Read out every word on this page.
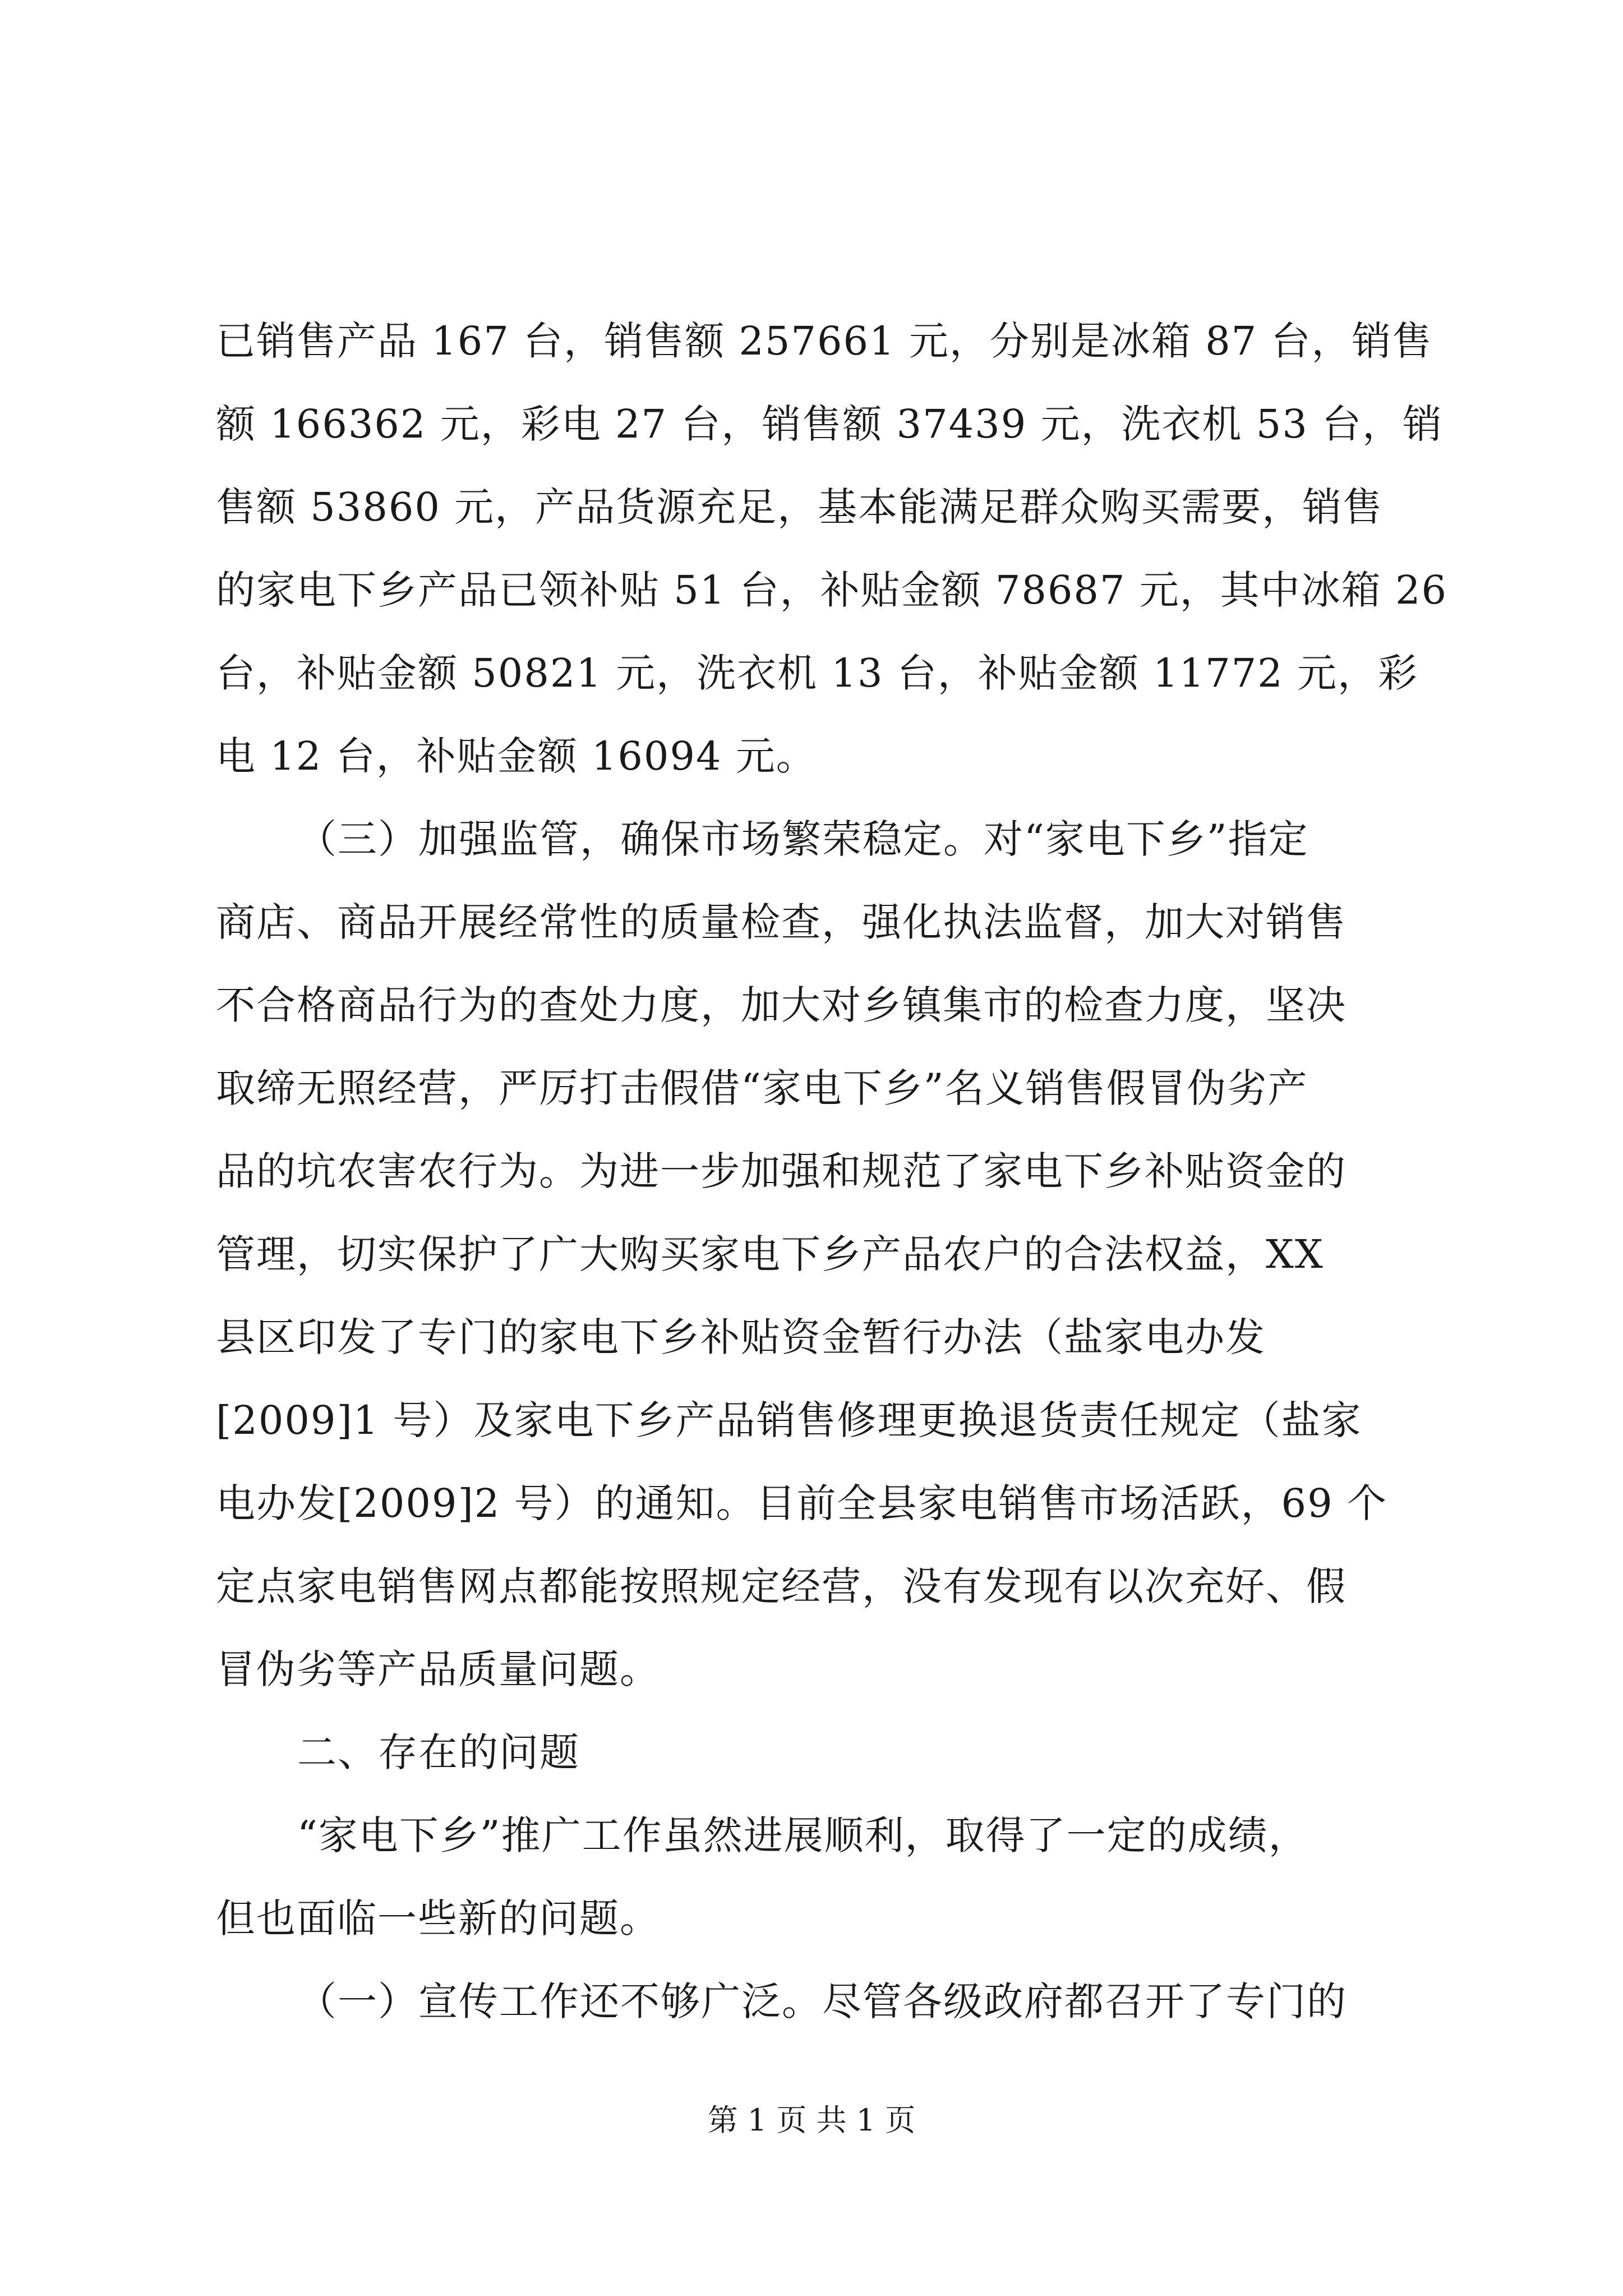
已销售产品 167 台，销售额 257661 元，分别是冰箱 87 台，销售
额 166362 元，彩电 27 台，销售额 37439 元，洗衣机 53 台，销
售额 53860 元，产品货源充足，基本能满足群众购买需要，销售
的家电下乡产品已领补贴 51 台，补贴金额 78687 元，其中冰箱 26
台，补贴金额 50821 元，洗衣机 13 台，补贴金额 11772 元，彩
电 12 台，补贴金额 16094 元。
（三）加强监管，确保市场繁荣稳定。对“家电下乡”指定
商店、商品开展经常性的质量检查，强化执法监督，加大对销售
不合格商品行为的查处力度，加大对乡镇集市的检查力度，坚决
取缔无照经营，严厉打击假借“家电下乡”名义销售假冒伪劣产
品的坑农害农行为。为进一步加强和规范了家电下乡补贴资金的
管理，切实保护了广大购买家电下乡产品农户的合法权益，XX
县区印发了专门的家电下乡补贴资金暂行办法（盐家电办发
[2009]1 号）及家电下乡产品销售修理更换退货责任规定（盐家
电办发[2009]2 号）的通知。目前全县家电销售市场活跃，69 个
定点家电销售网点都能按照规定经营，没有发现有以次充好、假
冒伪劣等产品质量问题。
二、存在的问题
“家电下乡”推广工作虽然进展顺利，取得了一定的成绩，
但也面临一些新的问题。
（一）宣传工作还不够广泛。尽管各级政府都召开了专门的
第 1 页 共 1 页
